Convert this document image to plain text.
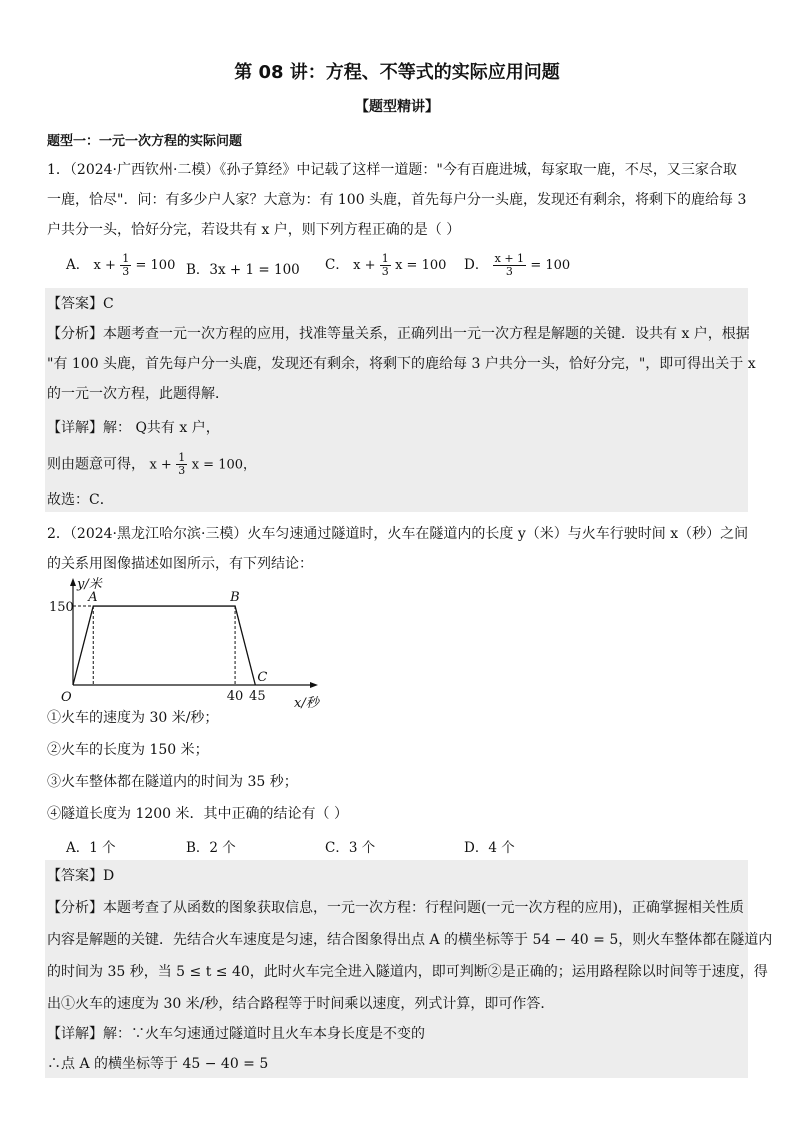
第 08 讲：方程、不等式的实际应用问题
【题型精讲】
题型一：一元一次方程的实际问题
1．（2024·广西钦州·二模）《孙子算经》中记载了这样一道题："今有百鹿进城，每家取一鹿，不尽，又三家合取
一鹿，恰尽"．问：有多少户人家？大意为：有 100 头鹿，首先每户分一头鹿，发现还有剩余，将剩下的鹿给每 3
户共分一头，恰好分完，若设共有 x 户，则下列方程正确的是（ ）
A． $x + \frac{1}{3} = 100$ B．3x + 1 = 100 C． $x + \frac{1}{3}$ x = 100 D． $\frac{x + 1}{3} = 100$
【答案】C
【分析】本题考查一元一次方程的应用，找准等量关系，正确列出一元一次方程是解题的关键．设共有 x 户，根据
"有 100 头鹿，首先每户分一头鹿，发现还有剩余，将剩下的鹿给每 3 户共分一头，恰好分完，"，即可得出关于 x
的一元一次方程，此题得解．
【详解】解： Q共有 x 户，
则由题意可得， $x + \frac{1}{3}$ x = 100，
故选：C．
2．（2024·黑龙江哈尔滨·三模）火车匀速通过隧道时，火车在隧道内的长度 y（米）与火车行驶时间 x（秒）之间
的关系用图像描述如图所示，有下列结论：
150
40 45
O
y/米
x/秒
A	B
C
①火车的速度为 30 米/秒；
②火车的长度为 150 米；
③火车整体都在隧道内的时间为 35 秒；
④隧道长度为 1200 米．其中正确的结论有（ ）
A．1 个	B．2 个	C．3 个	D．4 个
【答案】D
【分析】本题考查了从函数的图象获取信息，一元一次方程：行程问题(一元一次方程的应用)，正确掌握相关性质
内容是解题的关键．先结合火车速度是匀速，结合图象得出点 A 的横坐标等于 54 − 40 = 5，则火车整体都在隧道内
的时间为 35 秒，当 5 ≤ t ≤ 40，此时火车完全进入隧道内，即可判断②是正确的；运用路程除以时间等于速度，得
出①火车的速度为 30 米/秒，结合路程等于时间乘以速度，列式计算，即可作答．
【详解】解：∵火车匀速通过隧道时且火车本身长度是不变的
∴点 A 的横坐标等于 45 − 40 = 5
